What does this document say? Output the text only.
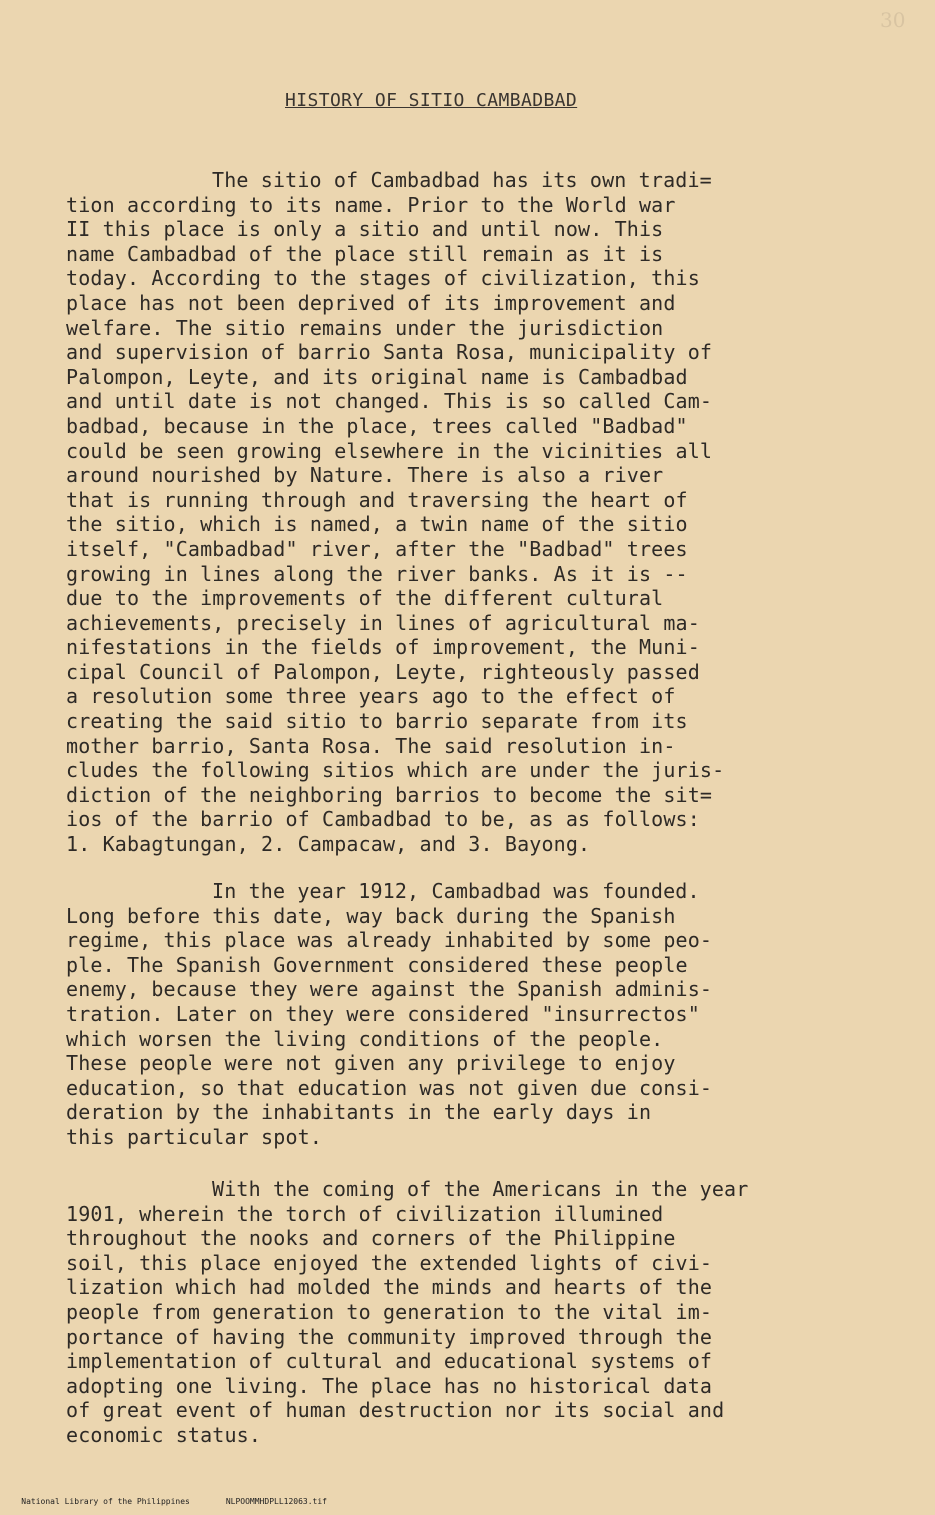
30
HISTORY OF SITIO CAMBADBAD
The sitio of Cambadbad has its own tradi=
tion according to its name. Prior to the World war
II this place is only a sitio and until now. This
name Cambadbad of the place still remain as it is
today. According to the stages of civilization, this
place has not been deprived of its improvement and
welfare. The sitio remains under the jurisdiction
and supervision of barrio Santa Rosa, municipality of
Palompon, Leyte, and its original name is Cambadbad
and until date is not changed. This is so called Cam-
badbad, because in the place, trees called "Badbad"
could be seen growing elsewhere in the vicinities all
around nourished by Nature. There is also a river
that is running through and traversing the heart of
the sitio, which is named, a twin name of the sitio
itself, "Cambadbad" river, after the "Badbad" trees
growing in lines along the river banks. As it is --
due to the improvements of the different cultural
achievements, precisely in lines of agricultural ma-
nifestations in the fields of improvement, the Muni-
cipal Council of Palompon, Leyte, righteously passed
a resolution some three years ago to the effect of
creating the said sitio to barrio separate from its
mother barrio, Santa Rosa. The said resolution in-
cludes the following sitios which are under the juris-
diction of the neighboring barrios to become the sit=
ios of the barrio of Cambadbad to be, as as follows:
1. Kabagtungan, 2. Campacaw, and 3. Bayong.
In the year 1912, Cambadbad was founded.
Long before this date, way back during the Spanish
regime, this place was already inhabited by some peo-
ple. The Spanish Government considered these people
enemy, because they were against the Spanish adminis-
tration. Later on they were considered "insurrectos"
which worsen the living conditions of the people.
These people were not given any privilege to enjoy
education, so that education was not given due consi-
deration by the inhabitants in the early days in
this particular spot.
With the coming of the Americans in the year
1901, wherein the torch of civilization illumined
throughout the nooks and corners of the Philippine
soil, this place enjoyed the extended lights of civi-
lization which had molded the minds and hearts of the
people from generation to generation to the vital im-
portance of having the community improved through the
implementation of cultural and educational systems of
adopting one living. The place has no historical data
of great event of human destruction nor its social and
economic status.

National Library of the Philippines	NLPOOMMHDPLL12063.tif
